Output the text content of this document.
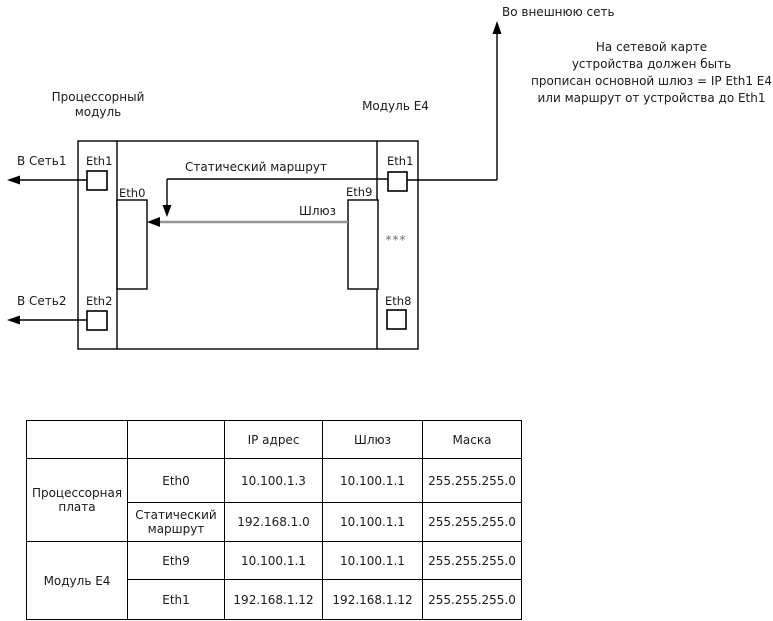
Процессорный модуль	Модуль E4
В Сеть1
В Сеть2
Во внешнюю сеть
Eth1
Eth0
Eth2
Eth1
Eth9
Eth8
***
Статический маршрут
Шлюз
На сетевой карте
устройства должен быть
прописан основной шлюз = IP Eth1 E4
или маршрут от устройства до Eth1
		IP адрес	Шлюз	Маска
Процессорная плата	Eth0	10.100.1.3	10.100.1.1	255.255.255.0
	Статический маршрут	192.168.1.0	10.100.1.1	255.255.255.0
Модуль E4	Eth9	10.100.1.1	10.100.1.1	255.255.255.0
	Eth1	192.168.1.12	192.168.1.12	255.255.255.0
